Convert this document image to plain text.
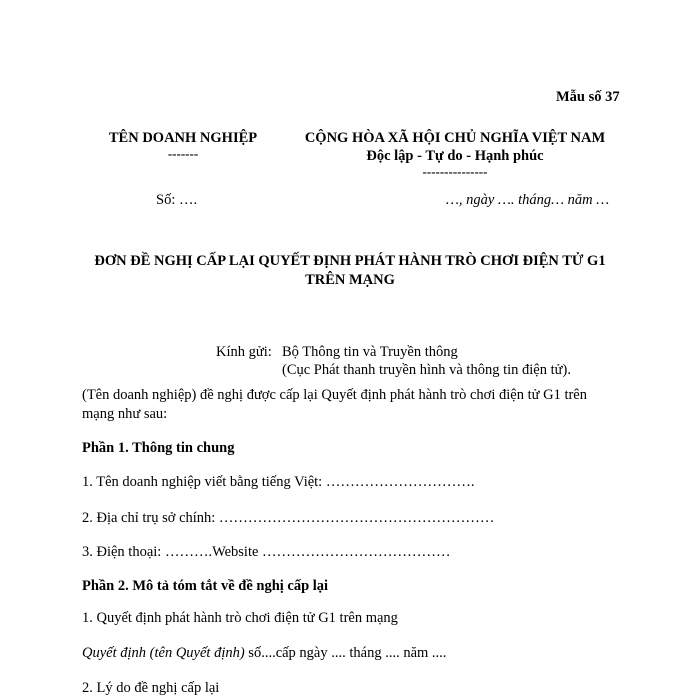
Mẫu số 37
TÊN DOANH NGHIỆP
-------
CỘNG HÒA XÃ HỘI CHỦ NGHĨA VIỆT NAM
Độc lập - Tự do - Hạnh phúc
---------------
Số: ….	…, ngày …. tháng… năm …
ĐƠN ĐỀ NGHỊ CẤP LẠI QUYẾT ĐỊNH PHÁT HÀNH TRÒ CHƠI ĐIỆN TỬ G1
TRÊN MẠNG
Kính gửi: Bộ Thông tin và Truyền thông
(Cục Phát thanh truyền hình và thông tin điện tử).
(Tên doanh nghiệp) đề nghị được cấp lại Quyết định phát hành trò chơi điện tử G1 trên mạng như sau:
Phần 1. Thông tin chung
1. Tên doanh nghiệp viết bằng tiếng Việt: ………………………….
2. Địa chỉ trụ sở chính: …………………………………………………
3. Điện thoại: ……….Website …………………………………
Phần 2. Mô tả tóm tắt về đề nghị cấp lại
1. Quyết định phát hành trò chơi điện tử G1 trên mạng
Quyết định (tên Quyết định) số....cấp ngày .... tháng .... năm ....
2. Lý do đề nghị cấp lại
